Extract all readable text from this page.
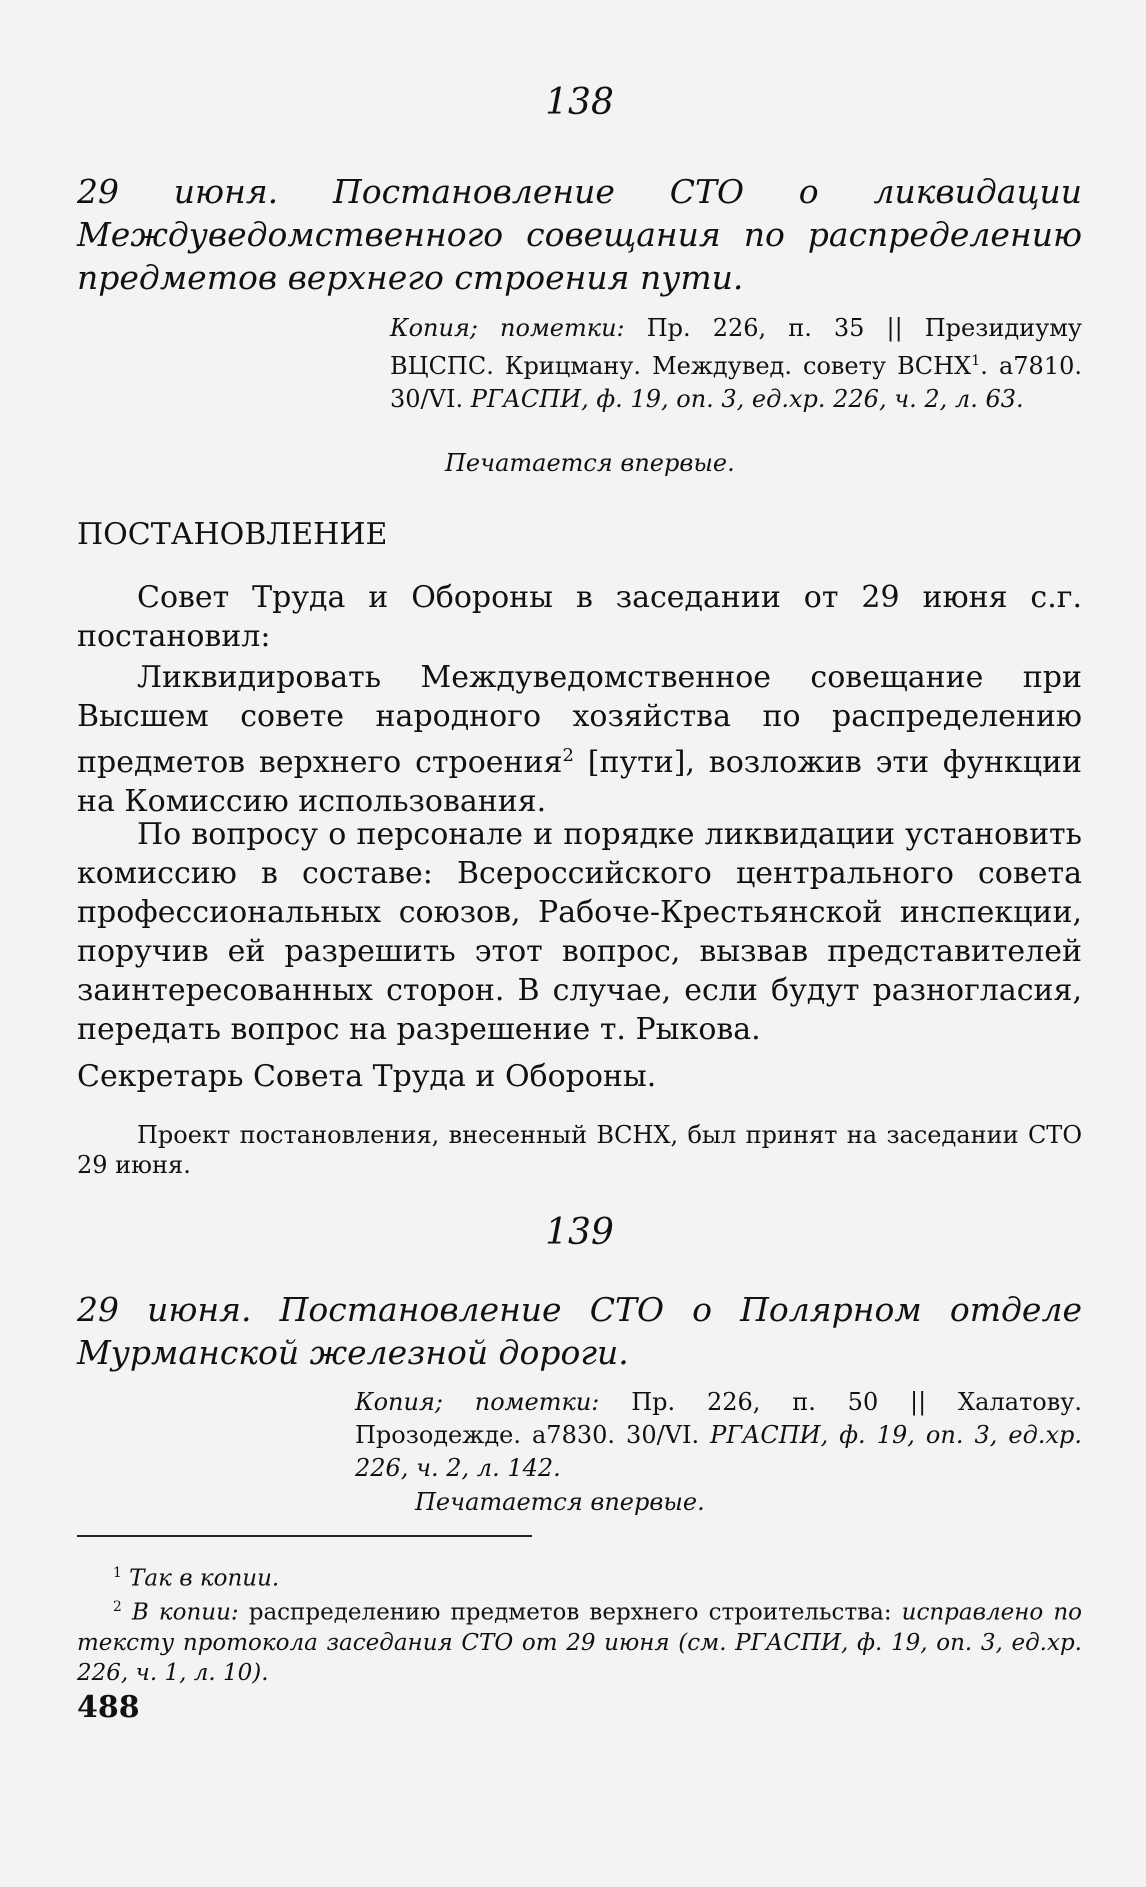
138
29 июня. Постановление СТО о ликвидации Междуведомственного совещания по распределению предметов верхнего строения пути.
Копия; пометки: Пр. 226, п. 35 || Президиуму ВЦСПС. Крицману. Междувед. совету ВСНХ$^1$. а7810. 30/VI. РГАСПИ, ф. 19, оп. 3, ед.хр. 226, ч. 2, л. 63.
Печатается впервые.
ПОСТАНОВЛЕНИЕ
Совет Труда и Обороны в заседании от 29 июня с.г. постановил:
Ликвидировать Междуведомственное совещание при Высшем совете народного хозяйства по распределению предметов верхнего строения$^2$ [пути], возложив эти функции на Комиссию использования.
По вопросу о персонале и порядке ликвидации установить комиссию в составе: Всероссийского центрального совета профессиональных союзов, Рабоче-Крестьянской инспекции, поручив ей разрешить этот вопрос, вызвав представителей заинтересованных сторон. В случае, если будут разногласия, передать вопрос на разрешение т. Рыкова.
Секретарь Совета Труда и Обороны.
Проект постановления, внесенный ВСНХ, был принят на заседании СТО 29 июня.
139
29 июня. Постановление СТО о Полярном отделе Мурманской железной дороги.
Копия; пометки: Пр. 226, п. 50 || Халатову. Прозодежде. а7830. 30/VI. РГАСПИ, ф. 19, оп. 3, ед.хр. 226, ч. 2, л. 142.
Печатается впервые.
$^1$ Так в копии.
$^2$ В копии: распределению предметов верхнего строительства: исправлено по тексту протокола заседания СТО от 29 июня (см. РГАСПИ, ф. 19, оп. 3, ед.хр. 226, ч. 1, л. 10).
488
